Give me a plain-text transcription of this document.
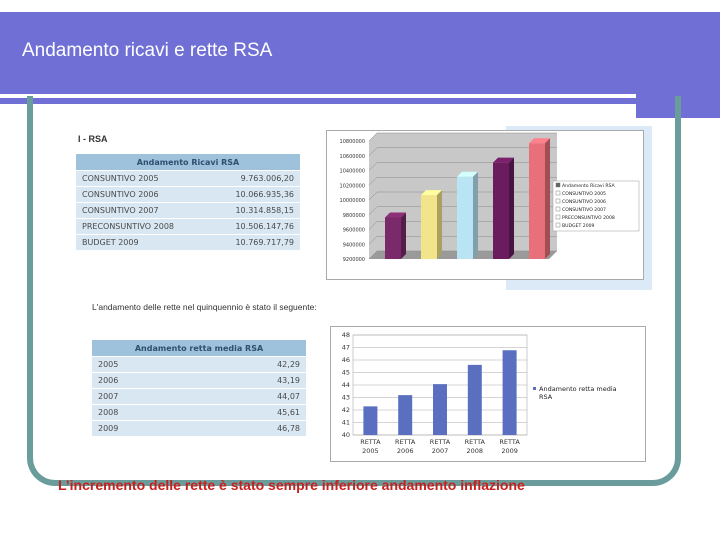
Andamento ricavi e rette RSA
I - RSA
Andamento Ricavi RSA	
CONSUNTIVO 2005	9.763.006,20
CONSUNTIVO 2006	10.066.935,36
CONSUNTIVO 2007	10.314.858,15
PRECONSUNTIVO 2008	10.506.147,76
BUDGET 2009	10.769.717,79
10800000
10600000
10400000
10200000
10000000
9800000
9600000
9400000
9200000
Andamento Ricavi RSA
CONSUNTIVO 2005
CONSUNTIVO 2006
CONSUNTIVO 2007
PRECONSUNTIVO 2008
BUDGET 2009
L'andamento delle rette nel quinquennio è stato il seguente:
Andamento retta media RSA	
2005	42,29
2006	43,19
2007	44,07
2008	45,61
2009	46,78
48
47
46
45
44
43
42
41
40
RETTA
2005
RETTA
2006
RETTA
2007
RETTA
2008
RETTA
2009
Andamento retta media
RSA
L’incremento delle rette è stato sempre inferiore andamento inflazione
